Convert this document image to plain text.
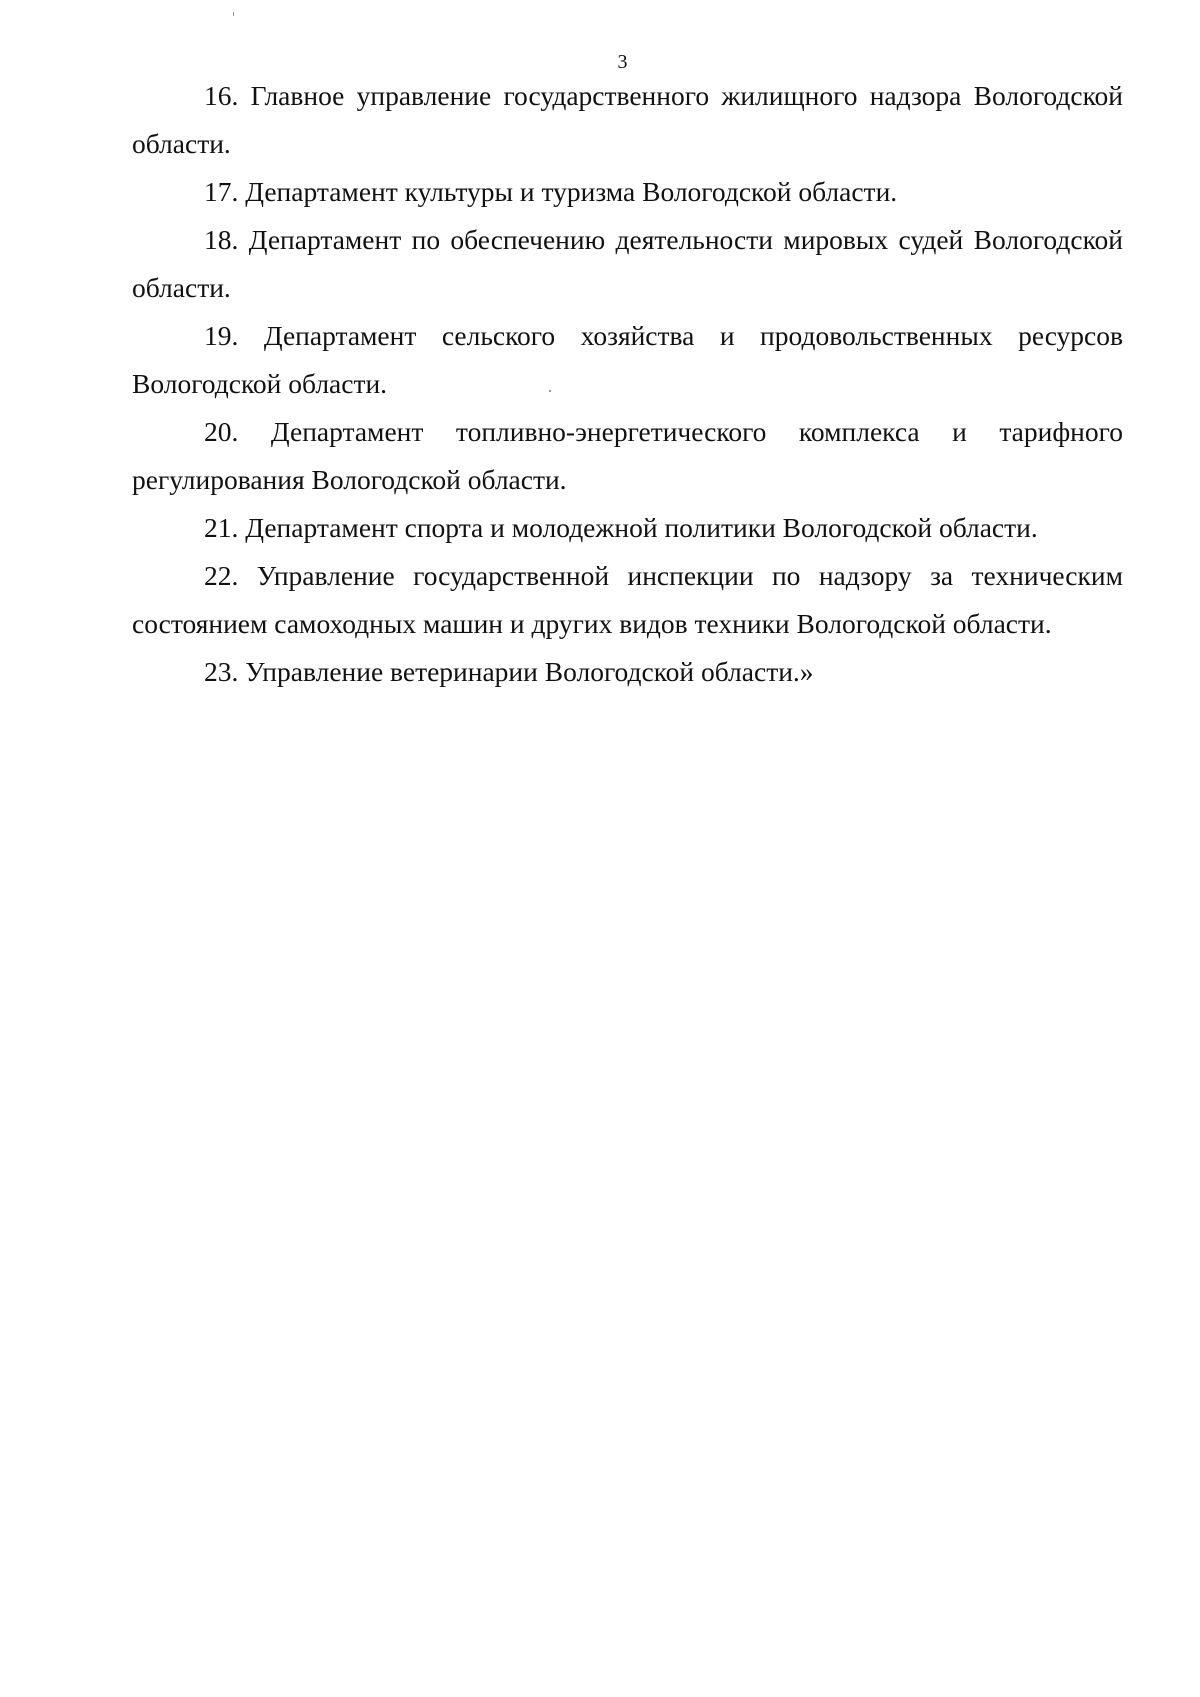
3

16. Главное управление государственного жилищного надзора Вологодской области.

17. Департамент культуры и туризма Вологодской области.

18. Департамент по обеспечению деятельности мировых судей Вологодской области.

19. Департамент сельского хозяйства и продовольственных ресурсов Вологодской области.

20. Департамент топливно-энергетического комплекса и тарифного регулирования Вологодской области.

21. Департамент спорта и молодежной политики Вологодской области.

22. Управление государственной инспекции по надзору за техническим состоянием самоходных машин и других видов техники Вологодской области.

23. Управление ветеринарии Вологодской области.»
